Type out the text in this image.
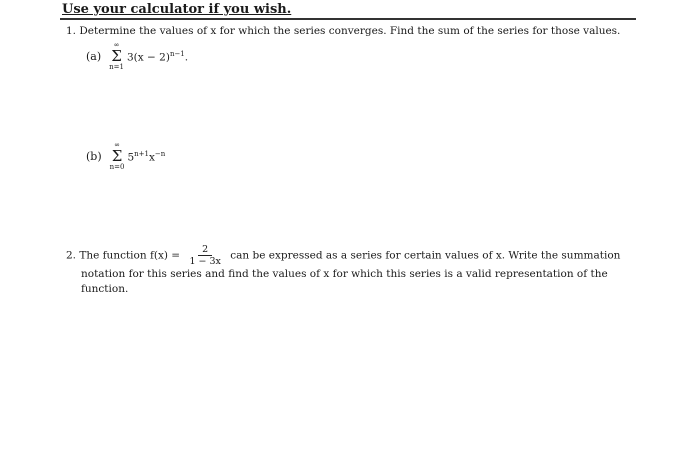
Use your calculator if you wish.
1. Determine the values of x for which the series converges. Find the sum of the series for those values.
(a)
∞
Σ
n=1
$3(x - 2)^{n-1}$.
(b)
∞
Σ
n=0
$5^{n+1}x^{-n}$
2. The function $f(x) = \frac{2}{1 - 3x}$ can be expressed as a series for certain values of x. Write the summation
notation for this series and find the values of x for which this series is a valid representation of the
function.
